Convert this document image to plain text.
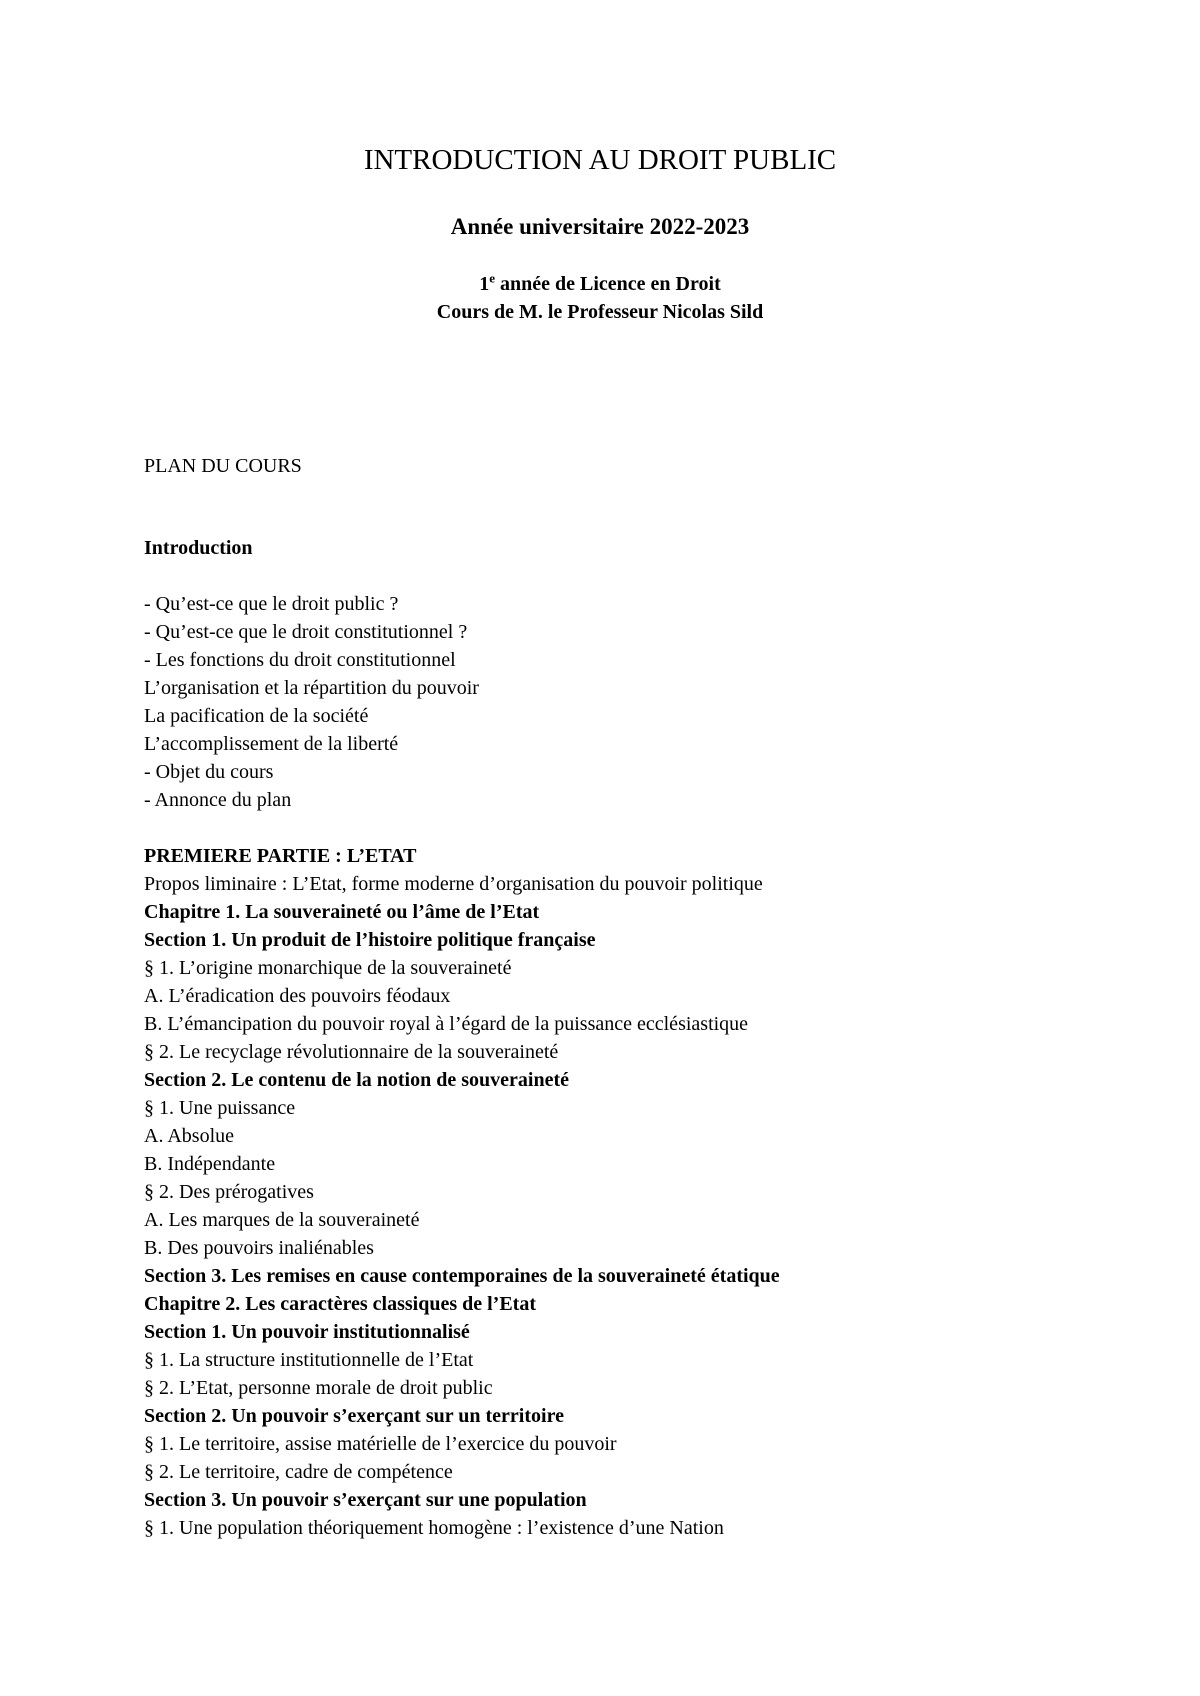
INTRODUCTION AU DROIT PUBLIC
Année universitaire 2022-2023
1e année de Licence en Droit
Cours de M. le Professeur Nicolas Sild
PLAN DU COURS
Introduction
- Qu’est-ce que le droit public ?
- Qu’est-ce que le droit constitutionnel ?
- Les fonctions du droit constitutionnel
L’organisation et la répartition du pouvoir
La pacification de la société
L’accomplissement de la liberté
- Objet du cours
- Annonce du plan
PREMIERE PARTIE : L’ETAT
Propos liminaire : L’Etat, forme moderne d’organisation du pouvoir politique
Chapitre 1. La souveraineté ou l’âme de l’Etat
Section 1. Un produit de l’histoire politique française
§ 1. L’origine monarchique de la souveraineté
A. L’éradication des pouvoirs féodaux
B. L’émancipation du pouvoir royal à l’égard de la puissance ecclésiastique
§ 2. Le recyclage révolutionnaire de la souveraineté
Section 2. Le contenu de la notion de souveraineté
§ 1. Une puissance
A. Absolue
B. Indépendante
§ 2. Des prérogatives
A. Les marques de la souveraineté
B. Des pouvoirs inaliénables
Section 3. Les remises en cause contemporaines de la souveraineté étatique
Chapitre 2. Les caractères classiques de l’Etat
Section 1. Un pouvoir institutionnalisé
§ 1. La structure institutionnelle de l’Etat
§ 2. L’Etat, personne morale de droit public
Section 2. Un pouvoir s’exerçant sur un territoire
§ 1. Le territoire, assise matérielle de l’exercice du pouvoir
§ 2. Le territoire, cadre de compétence
Section 3. Un pouvoir s’exerçant sur une population
§ 1. Une population théoriquement homogène : l’existence d’une Nation
